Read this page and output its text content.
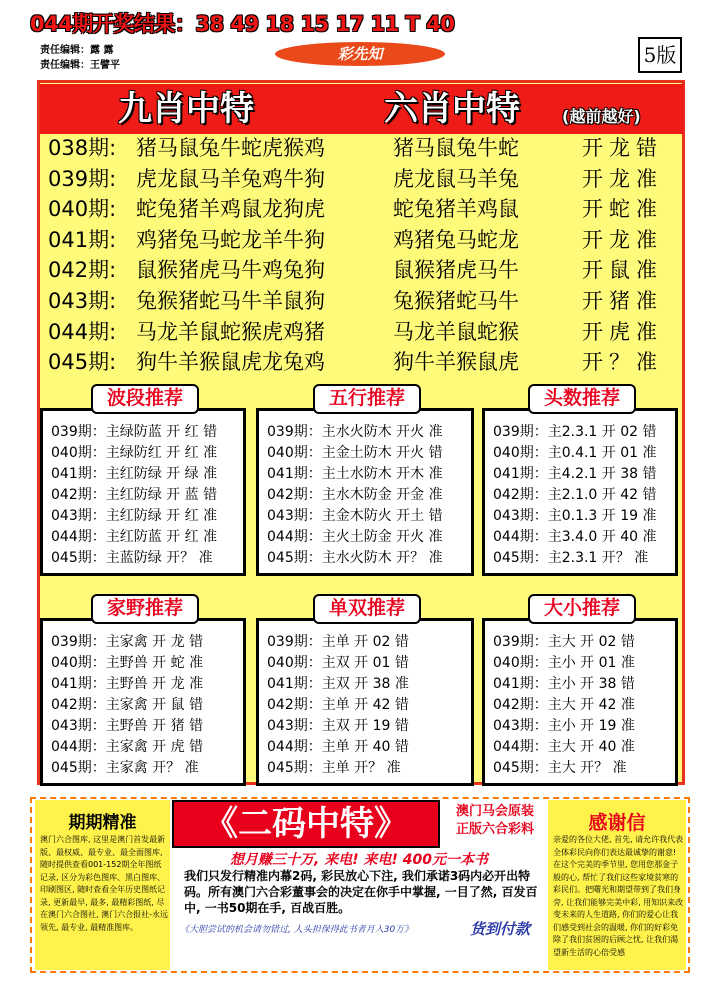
044期开奖结果：38 49 18 15 17 11 T 40
责任编辑：露 露
责任编辑：王譬平
彩先知	5版
九肖中特	六肖中特	(越前越好)
038期: 猪马鼠兔牛蛇虎猴鸡	猪马鼠兔牛蛇	开龙错
039期: 虎龙鼠马羊兔鸡牛狗	虎龙鼠马羊兔	开龙准
040期: 蛇兔猪羊鸡鼠龙狗虎	蛇兔猪羊鸡鼠	开蛇准
041期: 鸡猪兔马蛇龙羊牛狗	鸡猪兔马蛇龙	开龙准
042期: 鼠猴猪虎马牛鸡兔狗	鼠猴猪虎马牛	开鼠准
043期: 兔猴猪蛇马牛羊鼠狗	兔猴猪蛇马牛	开猪准
044期: 马龙羊鼠蛇猴虎鸡猪	马龙羊鼠蛇猴	开虎准
045期: 狗牛羊猴鼠虎龙兔鸡	狗牛羊猴鼠虎	开？准
039期：主绿防蓝 开 红 错
040期：主绿防红 开 红 准
041期：主红防绿 开 绿 准
042期：主红防绿 开 蓝 错
043期：主红防绿 开 红 准
044期：主红防蓝 开 红 准
045期：主蓝防绿 开？ 准
波段推荐
039期：主水火防木 开火 准
040期：主金土防木 开火 错
041期：主土水防木 开木 准
042期：主水木防金 开金 准
043期：主金木防火 开土 错
044期：主火土防金 开火 准
045期：主水火防木 开？ 准
五行推荐
039期：主2.3.1 开 02 错
040期：主0.4.1 开 01 准
041期：主4.2.1 开 38 错
042期：主2.1.0 开 42 错
043期：主0.1.3 开 19 准
044期：主3.4.0 开 40 准
045期：主2.3.1 开？ 准
头数推荐
039期：主家禽 开 龙 错
040期：主野兽 开 蛇 准
041期：主野兽 开 龙 准
042期：主家禽 开 鼠 错
043期：主野兽 开 猪 错
044期：主家禽 开 虎 错
045期：主家禽 开？ 准
家野推荐
039期：主单 开 02 错
040期：主双 开 01 错
041期：主双 开 38 准
042期：主单 开 42 错
043期：主双 开 19 错
044期：主单 开 40 错
045期：主单 开？ 准
单双推荐
039期：主大 开 02 错
040期：主小 开 01 准
041期：主小 开 38 错
042期：主大 开 42 准
043期：主小 开 19 准
044期：主大 开 40 准
045期：主大 开？ 准
大小推荐
期期精准
澳门六合图库, 这里是澳门首发最新版、最权威、最专业、最全面图库, 随时提供查看001-152期全年图纸记录, 区分为彩色图库、黑白图库、印刷图区, 随时查看全年历史图纸记录, 更新最早, 最多, 最精彩图纸, 尽在澳门六合图社, 澳门六合报社-永远领先, 最专业, 最精准图库。
《二码中特》	澳门马会原装
正版六合彩料
想月赚三十万, 来电! 来电! 400元一本书
我们只发行精准内幕2码, 彩民放心下注, 我们承诺3码内必开出特码。所有澳门六合彩董事会的决定在你手中掌握, 一目了然, 百发百中, 一书50期在手, 百战百胜。
《大胆尝试的机会请勿错过, 人头担保得此书者月入30万》	货到付款
感谢信
亲爱的各位大佬, 首先, 请允许我代表全体彩民向你们表达最诚挚的谢意! 在这个完美的季节里, 您用您那金子般的心, 帮忙了我们这些家境贫寒的彩民们。把曙光和期望带到了我们身旁, 让我们能够完美中彩, 用知识来改变未来的人生道路, 你们的爱心让我们感受到社会的温暖, 你们的好彩免除了我们贫困的后顾之忧, 让我们渴望新生活的心倍受感
